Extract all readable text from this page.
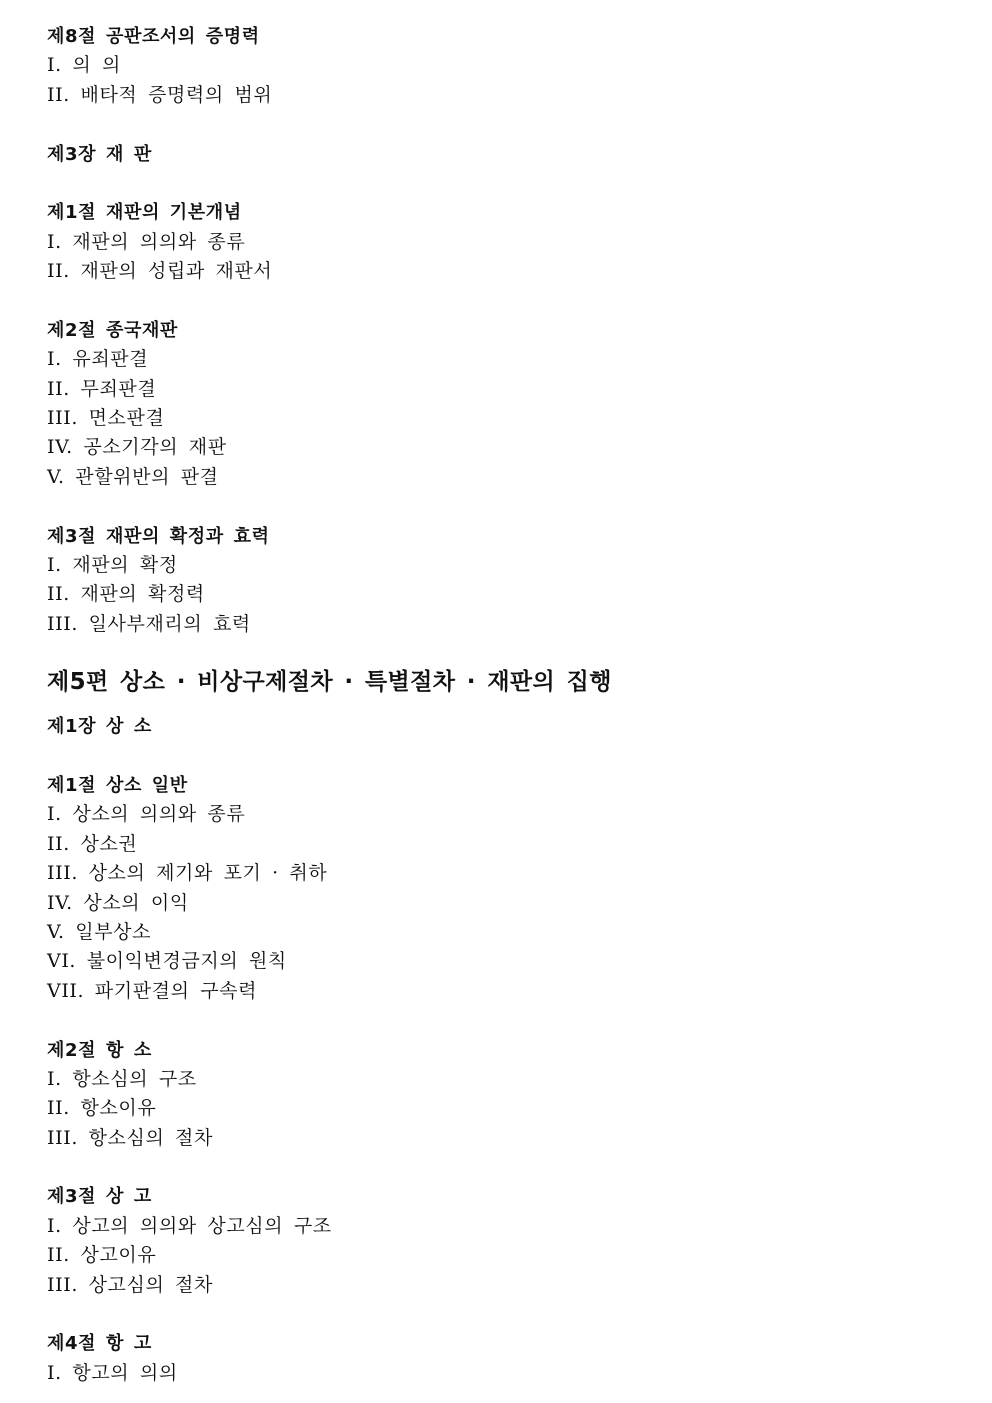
제8절 공판조서의 증명력
I. 의 의
II. 배타적 증명력의 범위
제3장 재 판
제1절 재판의 기본개념
I. 재판의 의의와 종류
II. 재판의 성립과 재판서
제2절 종국재판
I. 유죄판결
II. 무죄판결
III. 면소판결
IV. 공소기각의 재판
V. 관할위반의 판결
제3절 재판의 확정과 효력
I. 재판의 확정
II. 재판의 확정력
III. 일사부재리의 효력
제5편 상소 · 비상구제절차 · 특별절차 · 재판의 집행
제1장 상 소
제1절 상소 일반
I. 상소의 의의와 종류
II. 상소권
III. 상소의 제기와 포기 · 취하
IV. 상소의 이익
V. 일부상소
VI. 불이익변경금지의 원칙
VII. 파기판결의 구속력
제2절 항 소
I. 항소심의 구조
II. 항소이유
III. 항소심의 절차
제3절 상 고
I. 상고의 의의와 상고심의 구조
II. 상고이유
III. 상고심의 절차
제4절 항 고
I. 항고의 의의
